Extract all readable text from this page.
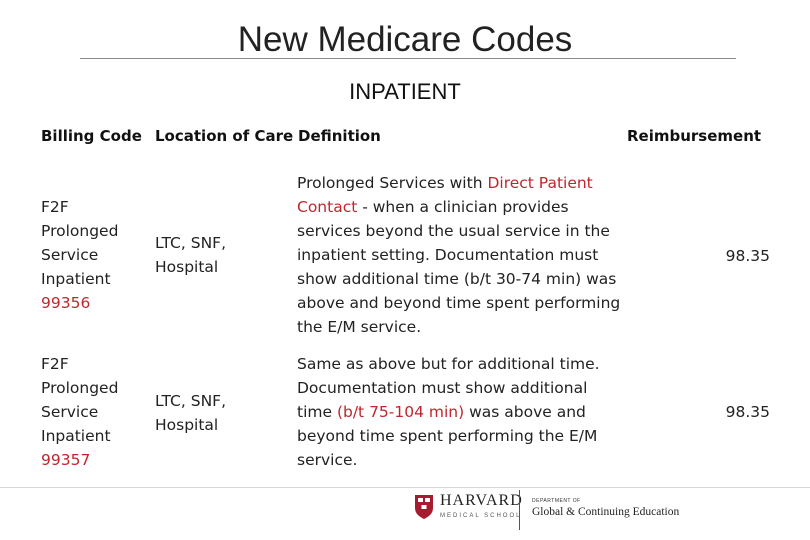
New Medicare Codes
INPATIENT
Billing Code Location of Care Definition	Reimbursement
F2F
Prolonged
Service
Inpatient
99356
LTC, SNF,
Hospital

Prolonged Services with Direct Patient Contact - when a clinician provides services beyond the usual service in the inpatient setting. Documentation must show additional time (b/t 30-74 min) was above and beyond time spent performing the E/M service.

98.35
F2F
Prolonged
Service
Inpatient
99357
LTC, SNF,
Hospital

Same as above but for additional time. Documentation must show additional time (b/t 75-104 min) was above and beyond time spent performing the E/M service.

98.35
HARVARD
MEDICAL SCHOOL
DEPARTMENT OF
Global & Continuing Education
